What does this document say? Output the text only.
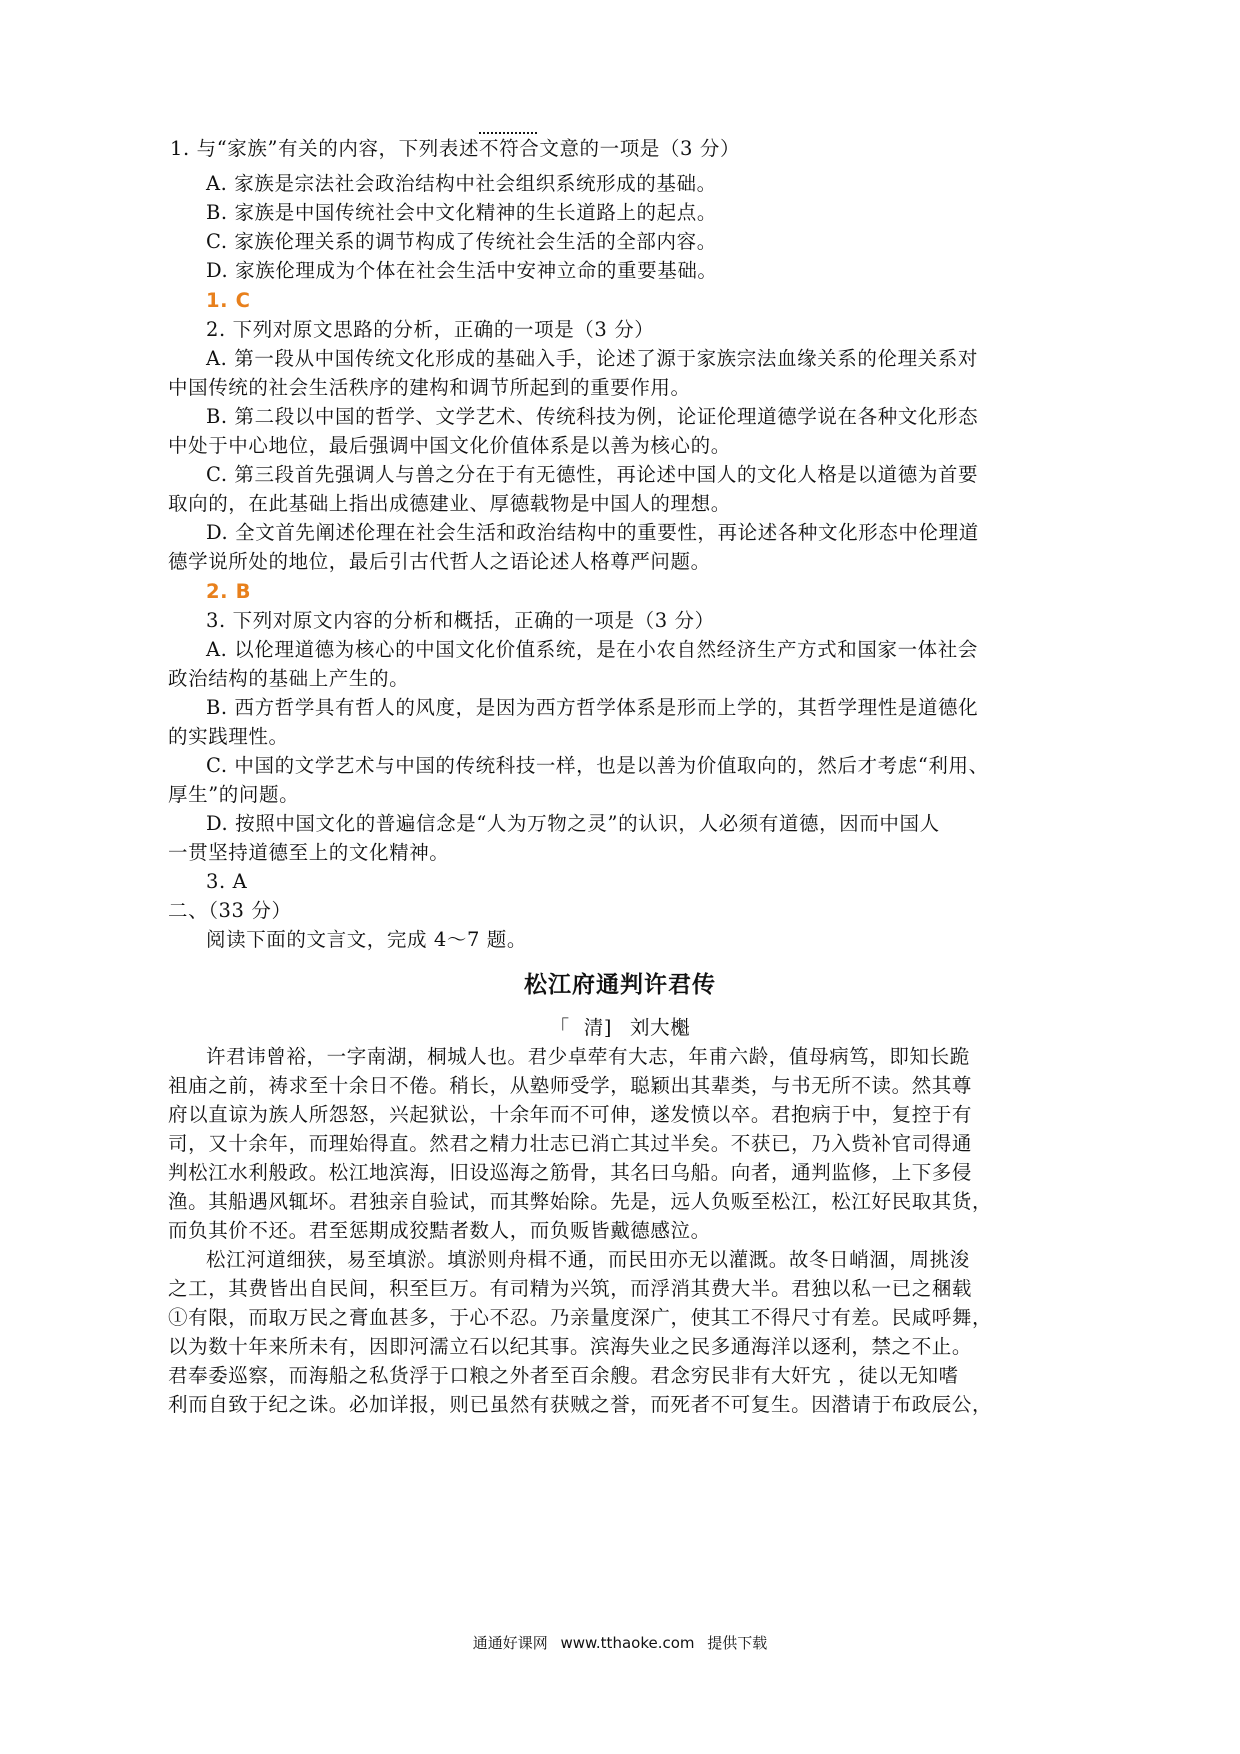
1. 与“家族”有关的内容，下列表述不符合文意的一项是（3 分）
A. 家族是宗法社会政治结构中社会组织系统形成的基础。
B. 家族是中国传统社会中文化精神的生长道路上的起点。
C. 家族伦理关系的调节构成了传统社会生活的全部内容。
D. 家族伦理成为个体在社会生活中安神立命的重要基础。
1. C
2. 下列对原文思路的分析，正确的一项是（3 分）
A. 第一段从中国传统文化形成的基础入手，论述了源于家族宗法血缘关系的伦理关系对
中国传统的社会生活秩序的建构和调节所起到的重要作用。
B. 第二段以中国的哲学、文学艺术、传统科技为例，论证伦理道德学说在各种文化形态
中处于中心地位，最后强调中国文化价值体系是以善为核心的。
C. 第三段首先强调人与兽之分在于有无德性，再论述中国人的文化人格是以道德为首要
取向的，在此基础上指出成德建业、厚德载物是中国人的理想。
D. 全文首先阐述伦理在社会生活和政治结构中的重要性，再论述各种文化形态中伦理道
德学说所处的地位，最后引古代哲人之语论述人格尊严问题。
2. B
3. 下列对原文内容的分析和概括，正确的一项是（3 分）
A. 以伦理道德为核心的中国文化价值系统，是在小农自然经济生产方式和国家一体社会
政治结构的基础上产生的。
B. 西方哲学具有哲人的风度，是因为西方哲学体系是形而上学的，其哲学理性是道德化
的实践理性。
C. 中国的文学艺术与中国的传统科技一样，也是以善为价值取向的，然后才考虑“利用、
厚生”的问题。
D. 按照中国文化的普遍信念是“人为万物之灵”的认识，人必须有道德，因而中国人
一贯坚持道德至上的文化精神。
3. A
二、（33 分）
阅读下面的文言文，完成 4～7 题。
松江府通判许君传
「 清] 刘大櫆
许君讳曾裕，一字南湖，桐城人也。君少卓荦有大志，年甫六龄，值母病笃，即知长跪
祖庙之前，祷求至十余日不倦。稍长，从塾师受学，聪颖出其辈类，与书无所不读。然其尊
府以直谅为族人所怨怒，兴起狱讼，十余年而不可伸，遂发愤以卒。君抱病于中，复控于有
司，又十余年，而理始得直。然君之精力壮志已消亡其过半矣。不获已，乃入赀补官司得通
判松江水利般政。松江地滨海，旧设巡海之筋骨，其名曰乌船。向者，通判监修，上下多侵
渔。其船遇风辄坏。君独亲自验试，而其弊始除。先是，远人负贩至松江，松江好民取其货，
而负其价不还。君至惩期成狡黠者数人，而负贩皆戴德感泣。
松江河道细狭，易至填淤。填淤则舟楫不通，而民田亦无以灌溉。故冬日峭涸，周挑浚
之工，其费皆出自民间，积至巨万。有司精为兴筑，而浮消其费大半。君独以私一已之稛载
①有限，而取万民之膏血甚多，于心不忍。乃亲量度深广，使其工不得尺寸有差。民咸呼舞，
以为数十年来所未有，因即河濡立石以纪其事。滨海失业之民多通海洋以逐利，禁之不止。
君奉委巡察，而海船之私货浮于口粮之外者至百余艘。君念穷民非有大奸宄 ，徒以无知嗜
利而自致于纪之诛。必加详报，则已虽然有获贼之誉，而死者不可复生。因潜请于布政辰公，
通通好课网 www.tthaoke.com 提供下载
